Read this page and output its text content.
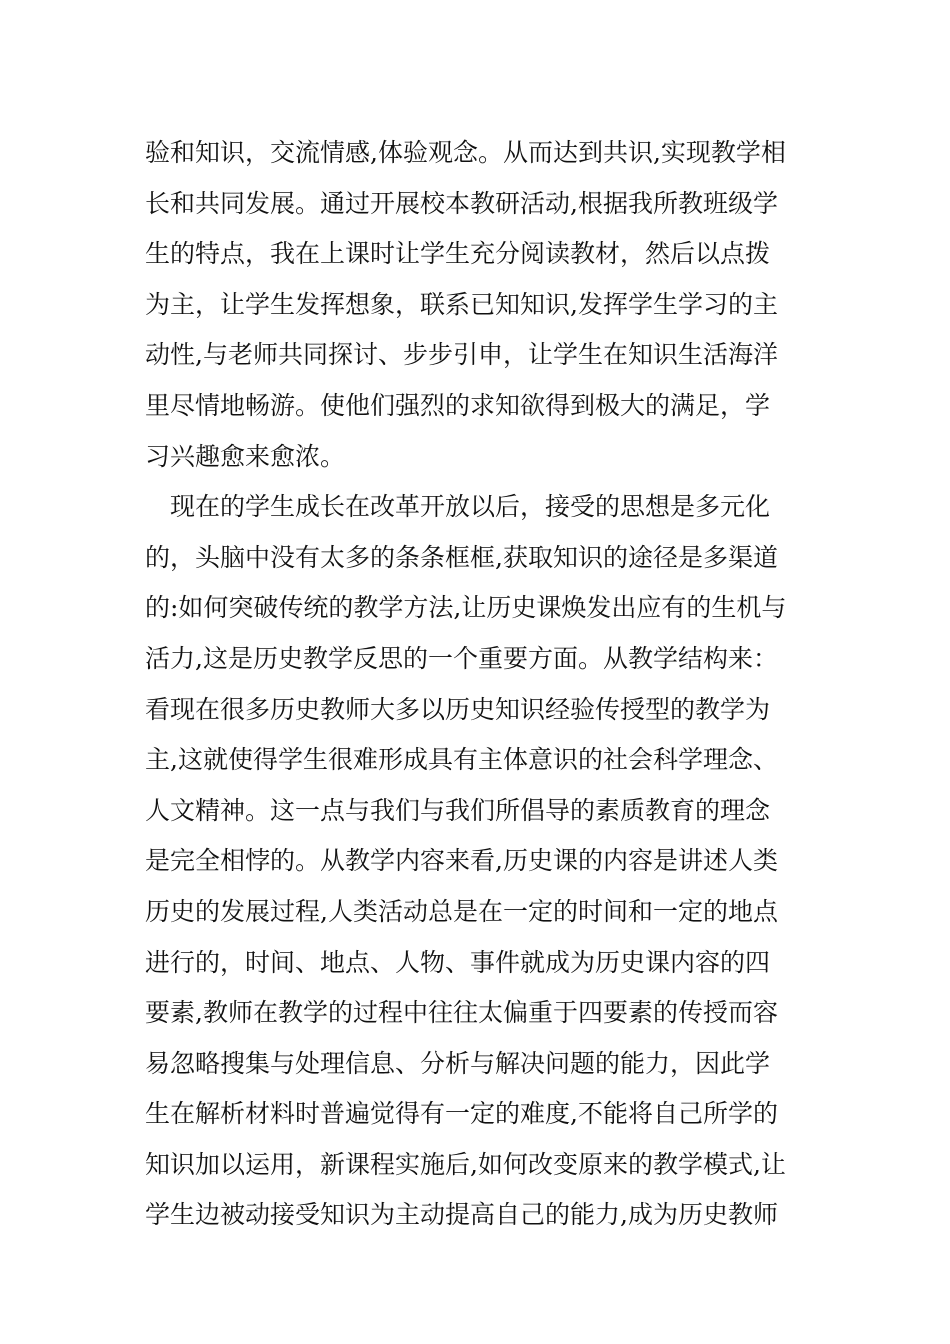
验和知识，交流情感,体验观念。从而达到共识,实现教学相
长和共同发展。通过开展校本教研活动,根据我所教班级学
生的特点，我在上课时让学生充分阅读教材，然后以点拨
为主，让学生发挥想象，联系已知知识,发挥学生学习的主
动性,与老师共同探讨、步步引申，让学生在知识生活海洋
里尽情地畅游。使他们强烈的求知欲得到极大的满足，学
习兴趣愈来愈浓。
　现在的学生成长在改革开放以后，接受的思想是多元化
的，头脑中没有太多的条条框框,获取知识的途径是多渠道
的:如何突破传统的教学方法,让历史课焕发出应有的生机与
活力,这是历史教学反思的一个重要方面。从教学结构来：
看现在很多历史教师大多以历史知识经验传授型的教学为
主,这就使得学生很难形成具有主体意识的社会科学理念、
人文精神。这一点与我们与我们所倡导的素质教育的理念
是完全相悖的。从教学内容来看,历史课的内容是讲述人类
历史的发展过程,人类活动总是在一定的时间和一定的地点
进行的，时间、地点、人物、事件就成为历史课内容的四
要素,教师在教学的过程中往往太偏重于四要素的传授而容
易忽略搜集与处理信息、分析与解决问题的能力，因此学
生在解析材料时普遍觉得有一定的难度,不能将自己所学的
知识加以运用，新课程实施后,如何改变原来的教学模式,让
学生边被动接受知识为主动提高自己的能力,成为历史教师
